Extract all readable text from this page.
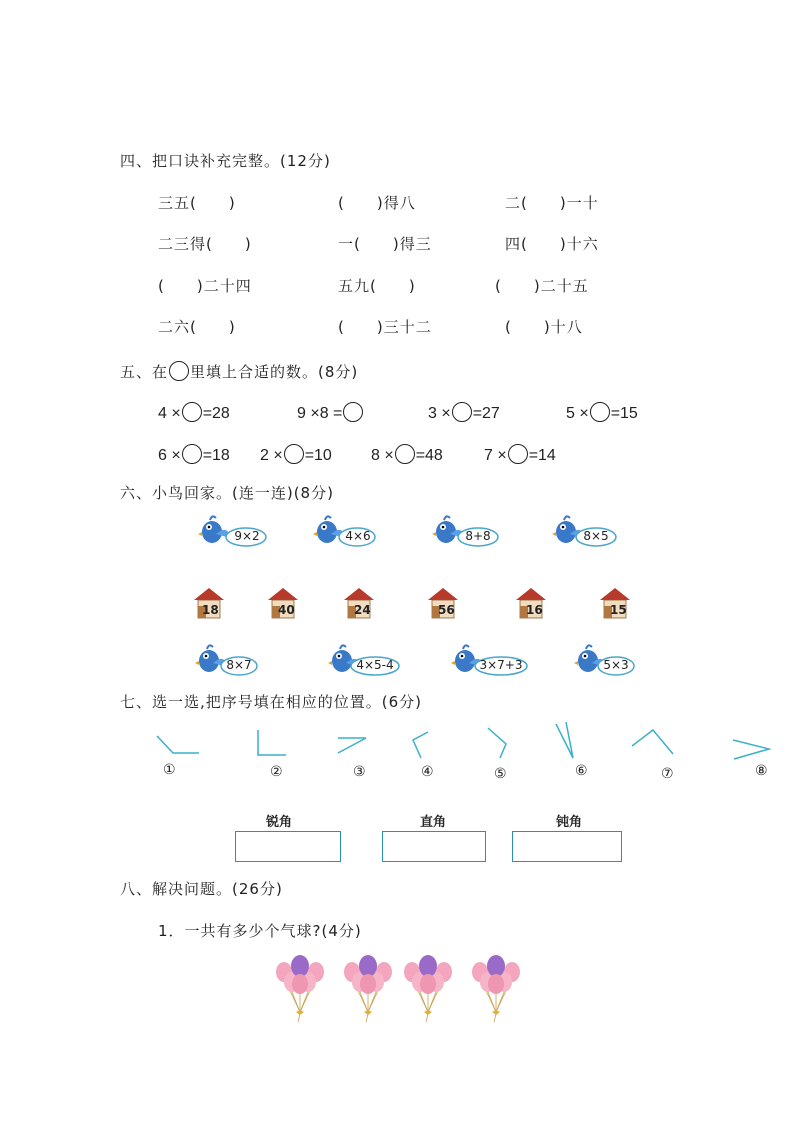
四、把口诀补充完整。(12分)
三五(　　)	(　　)得八	二(　　)一十
二三得(　　)	一(　　)得三	四(　　)十六
(　　)二十四	五九(　　)	(　　)二十五
二六(　　)	(　　)三十二	(　　)十八
五、在 里填上合适的数。(8分)
4 × =28	9 ×8 =	3 × =27	5 × =15
6 × =18 2 × =10 8 × =48	7 × =14
六、小鸟回家。(连一连)(8分)
9×2	4×6	8+8	8×5
18	40	24	56	16	15
8×7	4×5-4	3×7+3	5×3
七、选一选,把序号填在相应的位置。(6分)
①	②	③	④	⑤	⑥	⑦	⑧
锐角	直角	钝角
八、解决问题。(26分)
1．一共有多少个气球?(4分)
